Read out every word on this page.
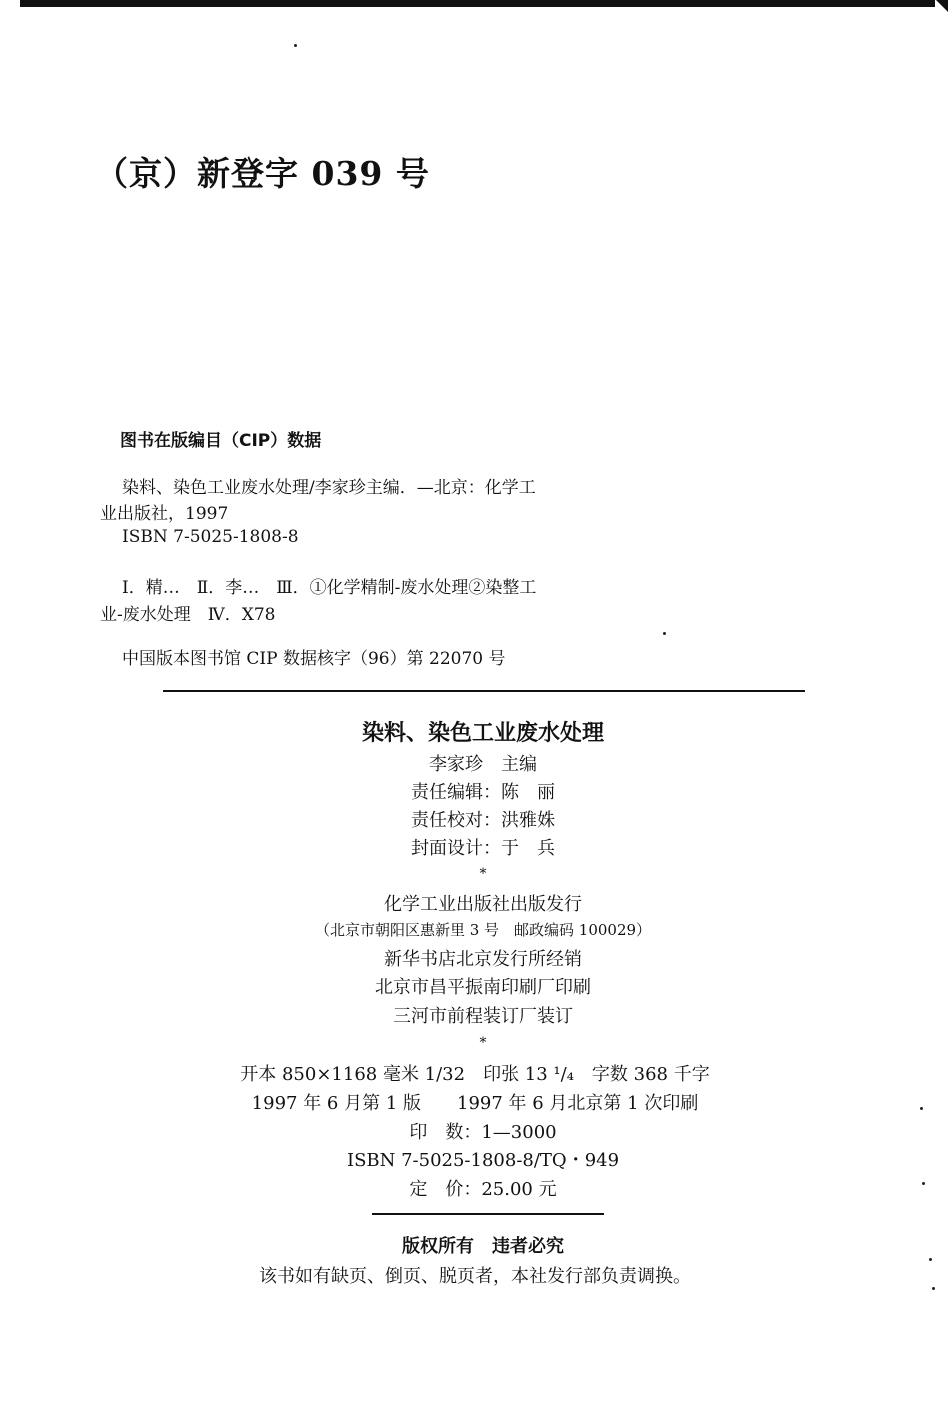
（京）新登字 039 号
图书在版编目（CIP）数据
染料、染色工业废水处理/李家珍主编．—北京：化学工
业出版社，1997
ISBN 7-5025-1808-8
Ⅰ．精…　Ⅱ．李…　Ⅲ．①化学精制-废水处理②染整工
业-废水处理　Ⅳ．X78
中国版本图书馆 CIP 数据核字（96）第 22070 号
染料、染色工业废水处理
李家珍　主编
责任编辑：陈　丽
责任校对：洪雅姝
封面设计：于　兵
*
化学工业出版社出版发行
（北京市朝阳区惠新里 3 号　邮政编码 100029）
新华书店北京发行所经销
北京市昌平振南印刷厂印刷
三河市前程装订厂装订
*
开本 850×1168 毫米 1/32　印张 13 ¹/₄　字数 368 千字
1997 年 6 月第 1 版　　1997 年 6 月北京第 1 次印刷
印　数：1—3000
ISBN 7-5025-1808-8/TQ・949
定　价：25.00 元
版权所有　违者必究
该书如有缺页、倒页、脱页者，本社发行部负责调换。
